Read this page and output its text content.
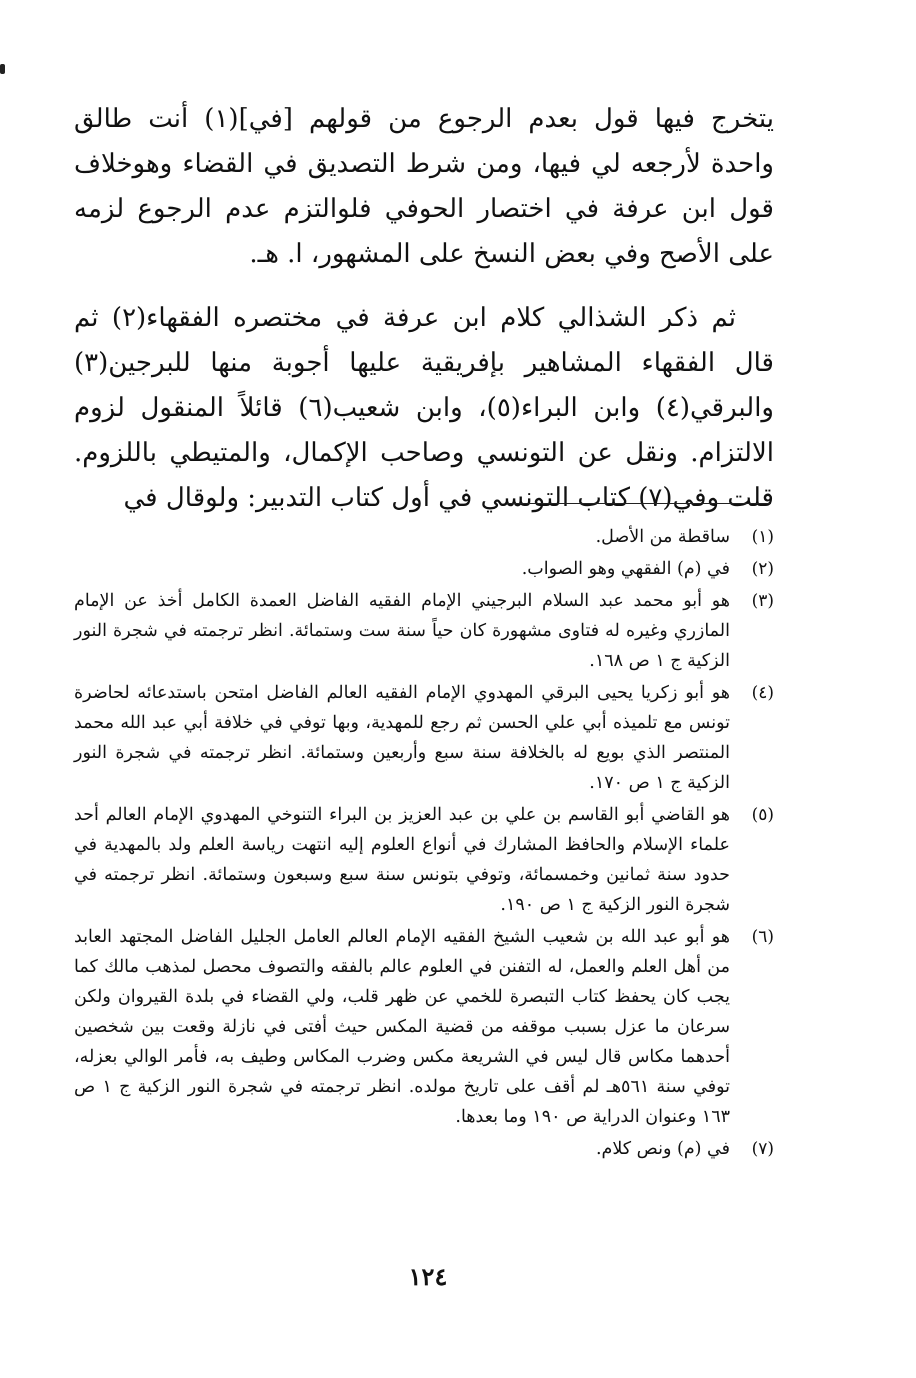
يتخرج فيها قول بعدم الرجوع من قولهم [في](١) أنت طالق واحدة لأرجعه لي فيها، ومن شرط التصديق في القضاء وهوخلاف قول ابن عرفة في اختصار الحوفي فلوالتزم عدم الرجوع لزمه على الأصح وفي بعض النسخ على المشهور، ا. هـ.

ثم ذكر الشذالي كلام ابن عرفة في مختصره الفقهاء(٢) ثم قال الفقهاء المشاهير بإفريقية عليها أجوبة منها للبرجين(٣) والبرقي(٤) وابن البراء(٥)، وابن شعيب(٦) قائلاً المنقول لزوم الالتزام. ونقل عن التونسي وصاحب الإكمال، والمتيطي باللزوم. قلت وفي(٧) كتاب التونسي في أول كتاب التدبير: ولوقال في

(١)
ساقطة من الأصل.
(٢)
في (م) الفقهي وهو الصواب.
(٣)
هو أبو محمد عبد السلام البرجيني الإمام الفقيه الفاضل العمدة الكامل أخذ عن الإمام المازري وغيره له فتاوى مشهورة كان حياً سنة ست وستمائة. انظر ترجمته في شجرة النور الزكية ج ١ ص ١٦٨.
(٤)
هو أبو زكريا يحيى البرقي المهدوي الإمام الفقيه العالم الفاضل امتحن باستدعائه لحاضرة تونس مع تلميذه أبي علي الحسن ثم رجع للمهدية، وبها توفي في خلافة أبي عبد الله محمد المنتصر الذي بويع له بالخلافة سنة سبع وأربعين وستمائة. انظر ترجمته في شجرة النور الزكية ج ١ ص ١٧٠.
(٥)
هو القاضي أبو القاسم بن علي بن عبد العزيز بن البراء التنوخي المهدوي الإمام العالم أحد علماء الإسلام والحافظ المشارك في أنواع العلوم إليه انتهت رياسة العلم ولد بالمهدية في حدود سنة ثمانين وخمسمائة، وتوفي بتونس سنة سبع وسبعون وستمائة. انظر ترجمته في شجرة النور الزكية ج ١ ص ١٩٠.
(٦)
هو أبو عبد الله بن شعيب الشيخ الفقيه الإمام العالم العامل الجليل الفاضل المجتهد العابد من أهل العلم والعمل، له التفنن في العلوم عالم بالفقه والتصوف محصل لمذهب مالك كما يجب كان يحفظ كتاب التبصرة للخمي عن ظهر قلب، ولي القضاء في بلدة القيروان ولكن سرعان ما عزل بسبب موقفه من قضية المكس حيث أفتى في نازلة وقعت بين شخصين أحدهما مكاس قال ليس في الشريعة مكس وضرب المكاس وطيف به، فأمر الوالي بعزله، توفي سنة ٥٦١هـ لم أقف على تاريخ مولده. انظر ترجمته في شجرة النور الزكية ج ١ ص ١٦٣ وعنوان الدراية ص ١٩٠ وما بعدها.
(٧)
في (م) ونص كلام.
١٢٤
